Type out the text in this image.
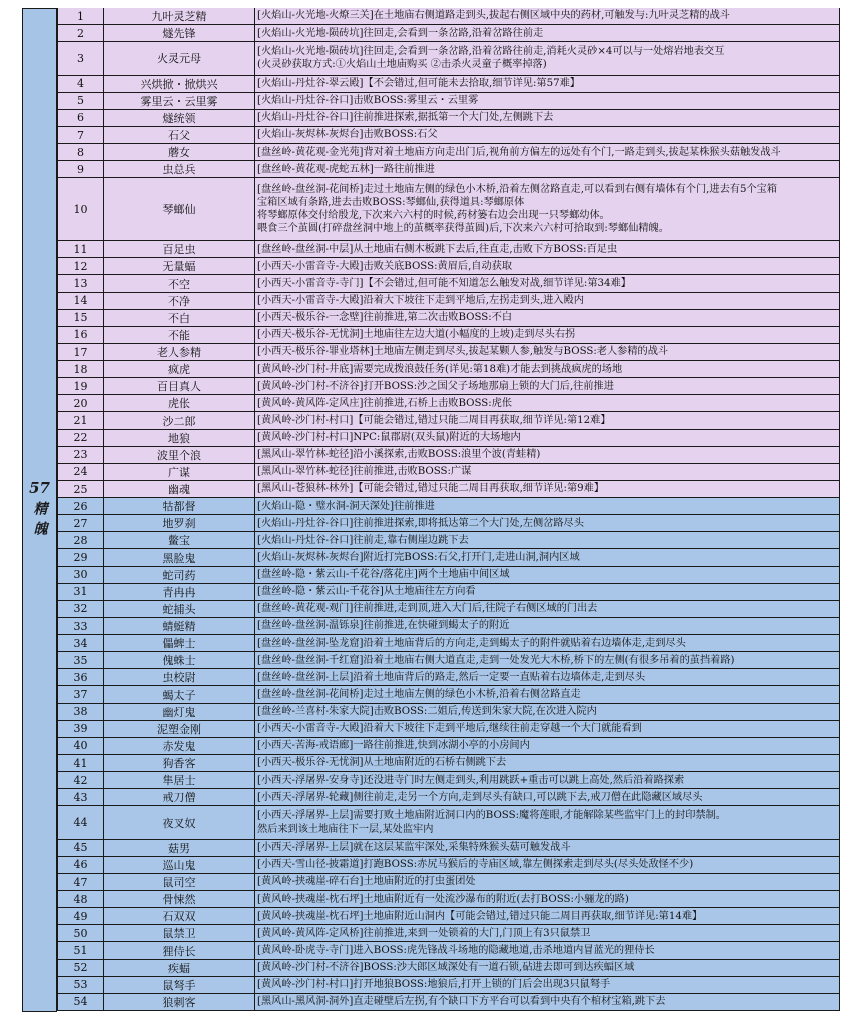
57
精魄
1	九叶灵芝精	[火焰山-火光地-火燎三关]在土地庙右侧道路走到头,拔起右侧区域中央的药材,可触发与:九叶灵芝精的战斗
2	燧先锋	[火焰山-火光地-陨砖坑]往回走,会看到一条岔路,沿着岔路往前走
3	火灵元母
[火焰山-火光地-陨砖坑]往回走,会看到一条岔路,沿着岔路往前走,消耗火灵砂×4可以与一处熔岩地表交互
(火灵砂获取方式:①火焰山土地庙购买 ②击杀火灵童子概率掉落)
4	兴烘掀・掀烘兴	[火焰山-丹灶谷-翠云殿]【不会错过,但可能未去拾取,细节详见:第57难】
5	雾里云・云里雾	[火焰山-丹灶谷-谷口]击败BOSS:雾里云・云里雾
6	燧统领	[火焰山-丹灶谷-谷口]往前推进探索,据抵第一个大门处,左侧跳下去
7	石父	[火焰山-灰烬林-灰烬台]击败BOSS:石父
8	蘑女	[盘丝岭-黄花观-金光苑]背对着土地庙方向走出门后,视角前方偏左的远处有个门,一路走到头,拔起某株猴头菇触发战斗
9	虫总兵	[盘丝岭-黄花观-虎蛇五林]一路往前推进
10	琴螂仙
[盘丝岭-盘丝洞-花间桥]走过土地庙左侧的绿色小木桥,沿着左侧岔路直走,可以看到右侧有墙体有个门,进去有5个宝箱
宝箱区域有条路,进去击败BOSS:琴螂仙,获得道具:琴螂原体
将琴螂原体交付给殷龙,下次来六六村的时候,药材篓右边会出现一只琴螂幼体。
喂食三个茧圆(打碎盘丝洞中地上的茧概率获得茧圆)后,下次来六六村可拾取到:琴螂仙精魄。
11	百足虫	[盘丝岭-盘丝洞-中层]从土地庙右侧木板跳下去后,往直走,击败下方BOSS:百足虫
12	无量蝠	[小西天-小雷音寺-大殿]击败关底BOSS:黄眉后,自动获取
13	不空	[小西天-小雷音寺-寺门]【不会错过,但可能不知道怎么触发对战,细节详见:第34难】
14	不净	[小西天-小雷音寺-大殿]沿着大下坡往下走到平地后,左拐走到头,进入殿内
15	不白	[小西天-极乐谷-一念壁]往前推进,第二次击败BOSS:不白
16	不能	[小西天-极乐谷-无忧洞]土地庙往左边大道(小幅度的上坡)走到尽头右拐
17	老人参精	[小西天-极乐谷-罪业塔林]土地庙左侧走到尽头,拔起某颗人参,触发与BOSS:老人参精的战斗
18	疯虎	[黄风岭-沙门村-井底]需要完成拨浪鼓任务(详见:第18难)才能去到挑战疯虎的场地
19	百目真人	[黄风岭-沙门村-不济谷]打开BOSS:沙之国父子场地那扇上锁的大门后,往前推进
20	虎伥	[黄风岭-黄风阵-定风庄]往前推进,石桥上击败BOSS:虎伥
21	沙二郎	[黄风岭-沙门村-村口]【可能会错过,错过只能二周目再获取,细节详见:第12难】
22	地狼	[黄风岭-沙门村-村口]NPC:鼠郡尉(双头鼠)附近的大场地内
23	波里个浪	[黑风山-翠竹林-蛇径]沿小溪探索,击败BOSS:浪里个波(青蛙精)
24	广谋	[黑风山-翠竹林-蛇径]往前推进,击败BOSS:广谋
25	幽魂	[黑风山-苍狼林-林外]【可能会错过,错过只能二周目再获取,细节详见:第9难】
26	牯都督	[火焰山-隐・璧水洞-洞天深处]往前推进
27	地罗刹	[火焰山-丹灶谷-谷口]往前推进探索,即将抵达第二个大门处,左侧岔路尽头
28	鳖宝	[火焰山-丹灶谷-谷口]往前走,靠右侧崖边跳下去
29	黑脸鬼	[火焰山-灰烬林-灰烬台]附近打完BOSS:石父,打开门,走进山洞,洞内区域
30	蛇司药	[盘丝岭-隐・紫云山-千花谷/落花庄]两个土地庙中间区域
31	青冉冉	[盘丝岭-隐・紫云山-千花谷]从土地庙往左方向看
32	蛇捕头	[盘丝岭-黄花观-观门]往前推进,走到顶,进入大门后,往院子右侧区域的门出去
33	蜻蜓精	[盘丝岭-盘丝洞-温铄泉]往前推进,在快碰到蝎太子的附近
34	儡蜱士	[盘丝岭-盘丝洞-坠龙窟]沿着土地庙背后的方向走,走到蝎太子的附件就贴着右边墙体走,走到尽头
35	傀蛛士	[盘丝岭-盘丝洞-千红窟]沿着土地庙右侧大道直走,走到一处发光大木桥,桥下的左侧(有很多吊着的茧挡着路)
36	虫校尉	[盘丝岭-盘丝洞-上层]沿着土地庙背后的路走,然后一定要一直贴着右边墙体走,走到尽头
37	蝎太子	[盘丝岭-盘丝洞-花间桥]走过土地庙左侧的绿色小木桥,沿着右侧岔路直走
38	幽灯鬼	[盘丝岭-兰喜村-朱家大院]击败BOSS:二姐后,传送到朱家大院,在次进入院内
39	泥塑金刚	[小西天-小雷音寺-大殿]沿着大下坡往下走到平地后,继续往前走穿越一个大门就能看到
40	赤发鬼	[小西天-苦海-戒语廊]一路往前推进,快到冰湖小亭的小房间内
41	狗香客	[小西天-极乐谷-无忧洞]从土地庙附近的石桥右侧跳下去
42	隼居士	[小西天-浮屠界-安身寺]还没进寺门时左侧走到头,利用跳跃+重击可以跳上高处,然后沿着路探索
43	戒刀僧	[小西天-浮屠界-轮藏]侧往前走,走另一个方向,走到尽头有缺口,可以跳下去,戒刀僧在此隐藏区域尽头
44	夜叉奴
[小西天-浮屠界-上层]需要打败土地庙附近洞口内的BOSS:魔将莲眼,才能解除某些监牢门上的封印禁制。
然后来到该土地庙往下一层,某处监牢内
45	菇男	[小西天-浮屠界-上层]就在这层某监牢深处,采集特殊猴头菇可触发战斗
46	巡山鬼	[小西天-雪山径-披霜道]打跑BOSS:赤尻马猴后的寺庙区域,靠左侧探索走到尽头(尽头处敌怪不少)
47	鼠司空	[黄风岭-挟魂崖-碎石台]土地庙附近的打虫蛋团处
48	骨悚然	[黄风岭-挟魂崖-枕石坪]土地庙附近有一处流沙瀑布的附近(去打BOSS:小骊龙的路)
49	石双双	[黄风岭-挟魂崖-枕石坪]土地庙附近山洞内【可能会错过,错过只能二周目再获取,细节详见:第14难】
50	鼠禁卫	[黄风岭-黄风阵-定风桥]往前推进,来到一处锁着的大门,门顶上有3只鼠禁卫
51	狸侍长	[黄风岭-卧虎寺-寺门]进入BOSS:虎先锋战斗场地的隐藏地道,击杀地道内冒蓝光的狸侍长
52	疾蝠	[黄风岭-沙门村-不济谷]BOSS:沙大郎区域深处有一道石锁,砧进去即可到达疾蝠区域
53	鼠弩手	[黄风岭-沙门村-村口]打开地狼BOSS:地狼后,打开上锁的门后会出现3只鼠弩手
54	狼刺客	[黑风山-黑风洞-洞外]直走碰壁后左拐,有个缺口下方平台可以看到中央有个棺材宝箱,跳下去
